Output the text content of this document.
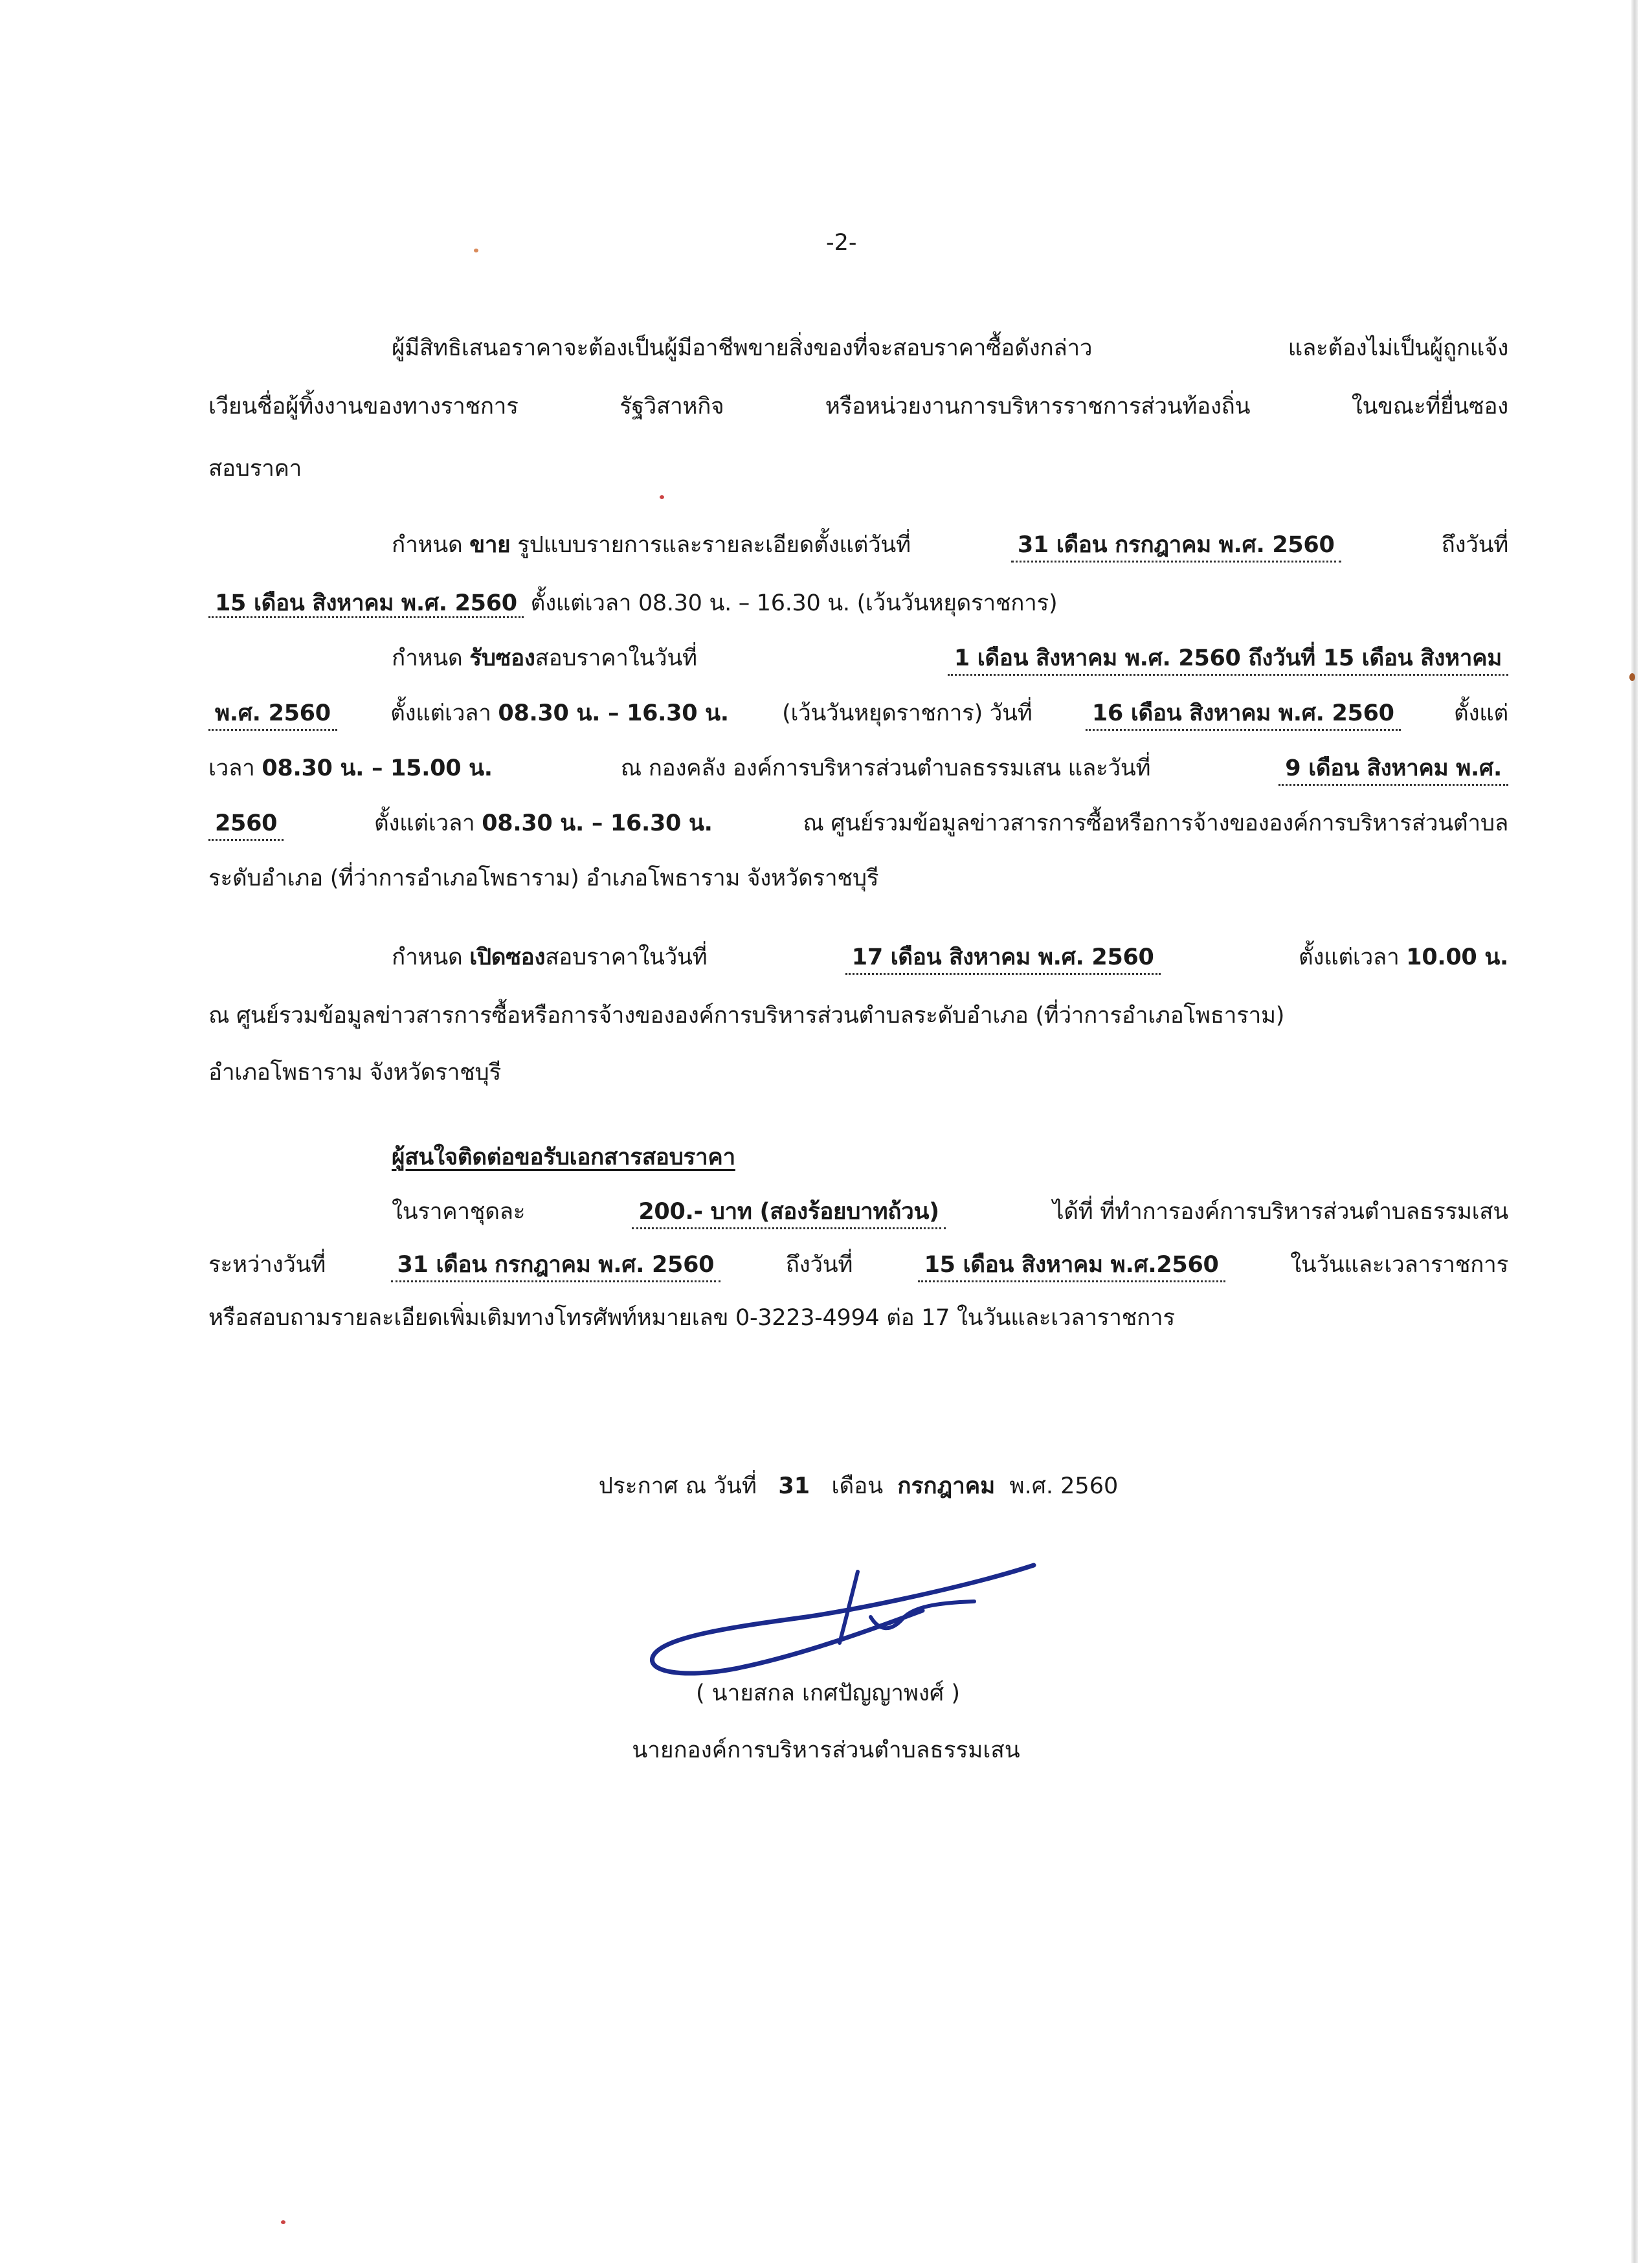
-2-
ผู้มีสิทธิเสนอราคาจะต้องเป็นผู้มีอาชีพขายสิ่งของที่จะสอบราคาซื้อดังกล่าว	และต้องไม่เป็นผู้ถูกแจ้ง
เวียนชื่อผู้ทิ้งงานของทางราชการ	รัฐวิสาหกิจ	หรือหน่วยงานการบริหารราชการส่วนท้องถิ่น	ในขณะที่ยื่นซอง
สอบราคา
กำหนด ขาย รูปแบบรายการและรายละเอียดตั้งแต่วันที่	31 เดือน กรกฎาคม พ.ศ. 2560	ถึงวันที่
15 เดือน สิงหาคม พ.ศ. 2560 ตั้งแต่เวลา 08.30 น. – 16.30 น. (เว้นวันหยุดราชการ)
กำหนด รับซองสอบราคาในวันที่	1 เดือน สิงหาคม พ.ศ. 2560 ถึงวันที่ 15 เดือน สิงหาคม
พ.ศ. 2560	ตั้งแต่เวลา 08.30 น. – 16.30 น. (เว้นวันหยุดราชการ) วันที่	16 เดือน สิงหาคม พ.ศ. 2560	ตั้งแต่
เวลา 08.30 น. – 15.00 น.	ณ กองคลัง องค์การบริหารส่วนตำบลธรรมเสน และวันที่	9 เดือน สิงหาคม พ.ศ.
2560	ตั้งแต่เวลา 08.30 น. – 16.30 น.	ณ ศูนย์รวมข้อมูลข่าวสารการซื้อหรือการจ้างขององค์การบริหารส่วนตำบล
ระดับอำเภอ (ที่ว่าการอำเภอโพธาราม) อำเภอโพธาราม จังหวัดราชบุรี
กำหนด เปิดซองสอบราคาในวันที่	17 เดือน สิงหาคม พ.ศ. 2560	ตั้งแต่เวลา 10.00 น.
ณ ศูนย์รวมข้อมูลข่าวสารการซื้อหรือการจ้างขององค์การบริหารส่วนตำบลระดับอำเภอ (ที่ว่าการอำเภอโพธาราม)
อำเภอโพธาราม จังหวัดราชบุรี
ผู้สนใจติดต่อขอรับเอกสารสอบราคา
ในราคาชุดละ	200.- บาท (สองร้อยบาทถ้วน)	ได้ที่ ที่ทำการองค์การบริหารส่วนตำบลธรรมเสน
ระหว่างวันที่	31 เดือน กรกฎาคม พ.ศ. 2560	ถึงวันที่	15 เดือน สิงหาคม พ.ศ.2560	ในวันและเวลาราชการ
หรือสอบถามรายละเอียดเพิ่มเติมทางโทรศัพท์หมายเลข 0-3223-4994 ต่อ 17 ในวันและเวลาราชการ
ประกาศ ณ วันที่ 31 เดือน กรกฎาคม พ.ศ. 2560
( นายสกล เกศปัญญาพงศ์ )
นายกองค์การบริหารส่วนตำบลธรรมเสน
